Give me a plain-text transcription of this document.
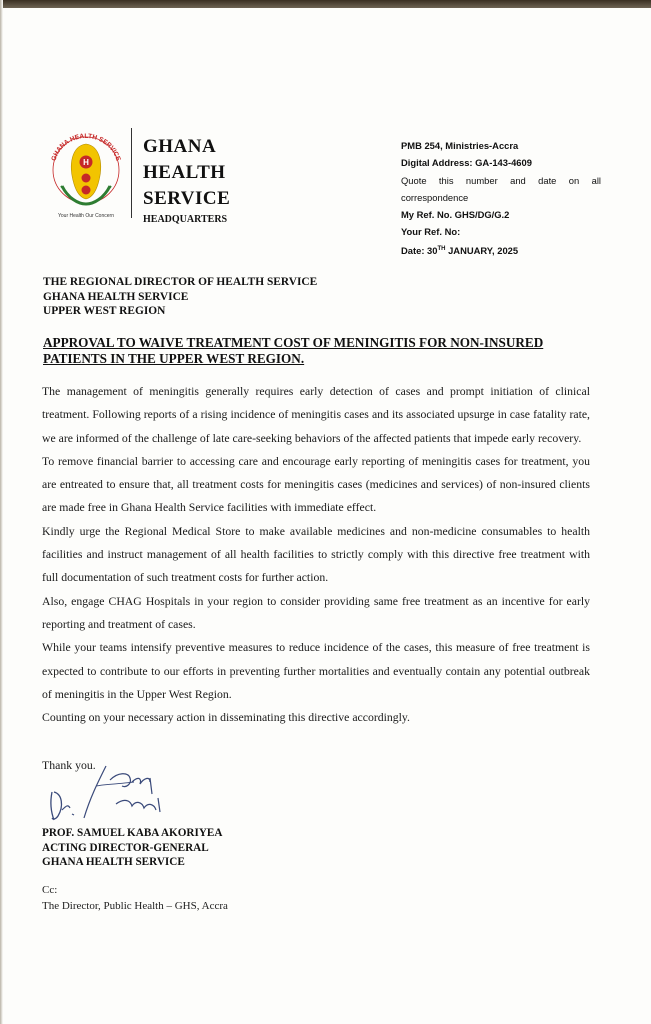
GHANA HEALTH SERVICE
H
Your Health Our Concern
GHANA
HEALTH
SERVICE
HEADQUARTERS
PMB 254, Ministries-Accra
Digital Address: GA-143-4609
Quote this number and date on all
correspondence
My Ref. No. GHS/DG/G.2
Your Ref. No:
Date: 30TH JANUARY, 2025
THE REGIONAL DIRECTOR OF HEALTH SERVICE
GHANA HEALTH SERVICE
UPPER WEST REGION
APPROVAL TO WAIVE TREATMENT COST OF MENINGITIS FOR NON-INSURED PATIENTS IN THE UPPER WEST REGION.

The management of meningitis generally requires early detection of cases and prompt initiation of clinical treatment. Following reports of a rising incidence of meningitis cases and its associated upsurge in case fatality rate, we are informed of the challenge of late care-seeking behaviors of the affected patients that impede early recovery.

To remove financial barrier to accessing care and encourage early reporting of meningitis cases for treatment, you are entreated to ensure that, all treatment costs for meningitis cases (medicines and services) of non-insured clients are made free in Ghana Health Service facilities with immediate effect.

Kindly urge the Regional Medical Store to make available medicines and non-medicine consumables to health facilities and instruct management of all health facilities to strictly comply with this directive free treatment with full documentation of such treatment costs for further action.

Also, engage CHAG Hospitals in your region to consider providing same free treatment as an incentive for early reporting and treatment of cases.

While your teams intensify preventive measures to reduce incidence of the cases, this measure of free treatment is expected to contribute to our efforts in preventing further mortalities and eventually contain any potential outbreak of meningitis in the Upper West Region.

Counting on your necessary action in disseminating this directive accordingly.

Thank you.
PROF. SAMUEL KABA AKORIYEA
ACTING DIRECTOR-GENERAL
GHANA HEALTH SERVICE
Cc:
The Director, Public Health – GHS, Accra
